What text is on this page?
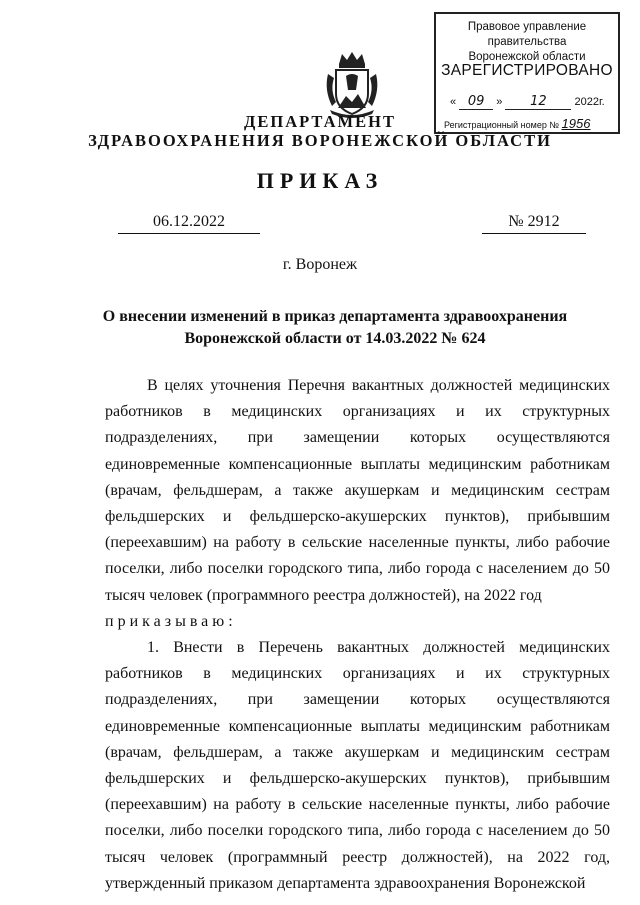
Правовое управление правительства
Воронежской области
ЗАРЕГИСТРИРОВАНО
« 09 » 12	2022г.
Регистрационный номер № 1956
ДЕПАРТАМЕНТ
ЗДРАВООХРАНЕНИЯ ВОРОНЕЖСКОЙ ОБЛАСТИ
ПРИКАЗ
06.12.2022	№ 2912
г. Воронеж
О внесении изменений в приказ департамента здравоохранения
Воронежской области от 14.03.2022 № 624

В целях уточнения Перечня вакантных должностей медицинских работников в медицинских организациях и их структурных подразделениях, при замещении которых осуществляются единовременные компенсационные выплаты медицинским работникам (врачам, фельдшерам, а также акушеркам и медицинским сестрам фельдшерских и фельдшерско-акушерских пунктов), прибывшим (переехавшим) на работу в сельские населенные пункты, либо рабочие поселки, либо поселки городского типа, либо города с населением до 50 тысяч человек (программного реестра должностей), на 2022 год

приказываю:

1. Внести в Перечень вакантных должностей медицинских работников в медицинских организациях и их структурных подразделениях, при замещении которых осуществляются единовременные компенсационные выплаты медицинским работникам (врачам, фельдшерам, а также акушеркам и медицинским сестрам фельдшерских и фельдшерско-акушерских пунктов), прибывшим (переехавшим) на работу в сельские населенные пункты, либо рабочие поселки, либо поселки городского типа, либо города с населением до 50 тысяч человек (программный реестр должностей), на 2022 год, утвержденный приказом департамента здравоохранения Воронежской
